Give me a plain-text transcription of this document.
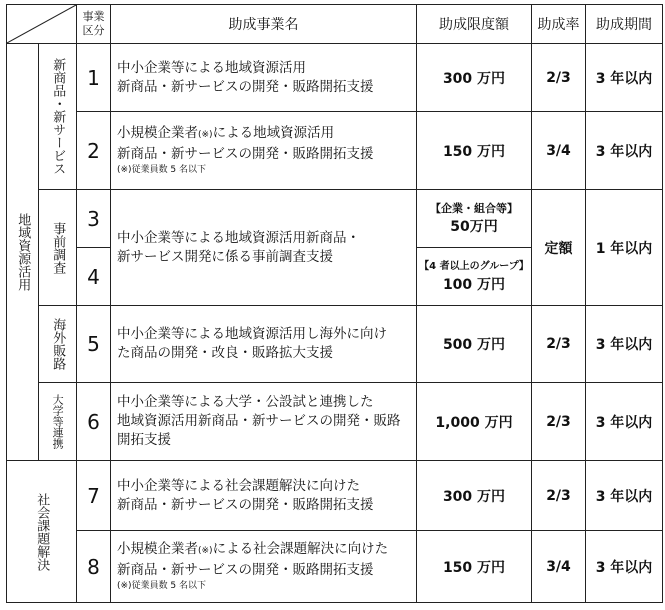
	事業
区分	助成事業名	助成限度額	助成率	助成期間

地域資源活用	新商品・新サービス	1	中小企業等による地域資源活用
新商品・新サービスの開発・販路開拓支援	300 万円	2/3	3 年以内
		2	小規模企業者(※)による地域資源活用
新商品・新サービスの開発・販路開拓支援
(※)従業員数 5 名以下	150 万円	3/4	3 年以内

	事前調査	3	中小企業等による地域資源活用新商品・
新サービス開発に係る事前調査支援	【企業・組合等】
50万円	定額	1 年以内
		4		【4 者以上のグループ】
100 万円		

	海外販路	5	中小企業等による地域資源活用し海外に向け
た商品の開発・改良・販路拡大支援	500 万円	2/3	3 年以内

	大学等連携	6	中小企業等による大学・公設試と連携した
地域資源活用新商品・新サービスの開発・販路
開拓支援	1,000 万円	2/3	3 年以内

社会課題解決		7	中小企業等による社会課題解決に向けた
新商品・新サービスの開発・販路開拓支援	300 万円	2/3	3 年以内
		8	小規模企業者(※)による社会課題解決に向けた
新商品・新サービスの開発・販路開拓支援
(※)従業員数 5 名以下	150 万円	3/4	3 年以内
